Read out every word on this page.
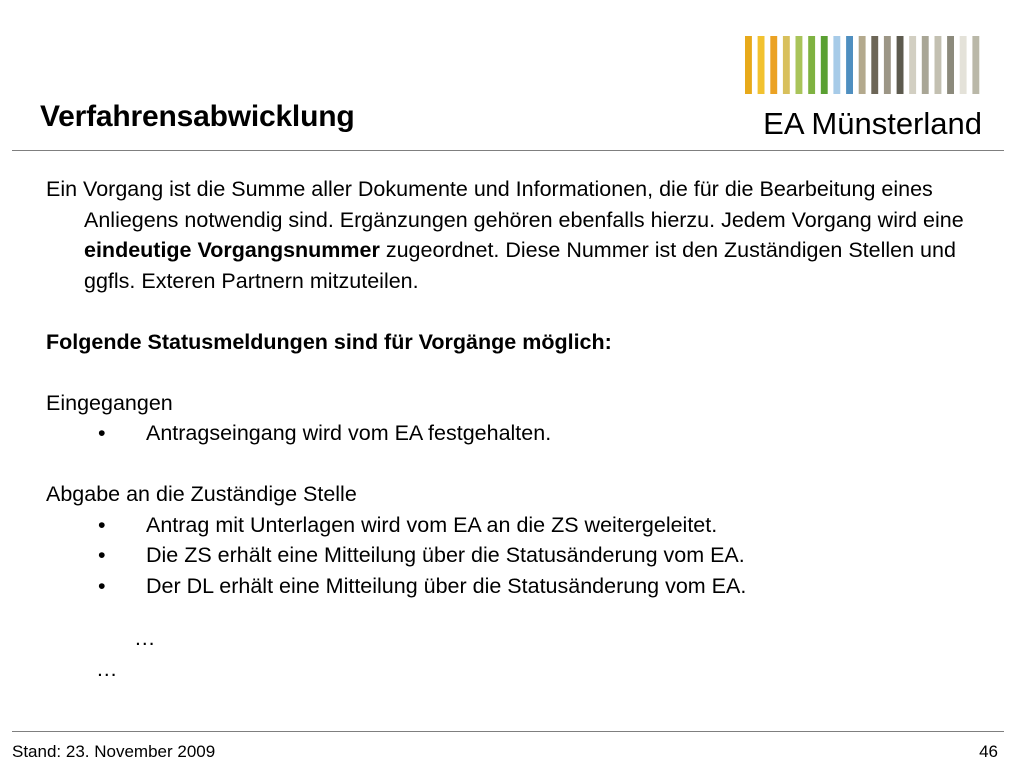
Verfahrensabwicklung	EA Münsterland

Ein Vorgang ist die Summe aller Dokumente und Informationen, die für die Bearbeitung eines Anliegens notwendig sind. Ergänzungen gehören ebenfalls hierzu. Jedem Vorgang wird eine eindeutige Vorgangsnummer zugeordnet. Diese Nummer ist den Zuständigen Stellen und ggfls. Exteren Partnern mitzuteilen.

Folgende Statusmeldungen sind für Vorgänge möglich:

Eingegangen

• Antragseingang wird vom EA festgehalten.

Abgabe an die Zuständige Stelle

• Antrag mit Unterlagen wird vom EA an die ZS weitergeleitet.

• Die ZS erhält eine Mitteilung über die Statusänderung vom EA.

• Der DL erhält eine Mitteilung über die Statusänderung vom EA.

…

…

Stand: 23. November 2009	46
